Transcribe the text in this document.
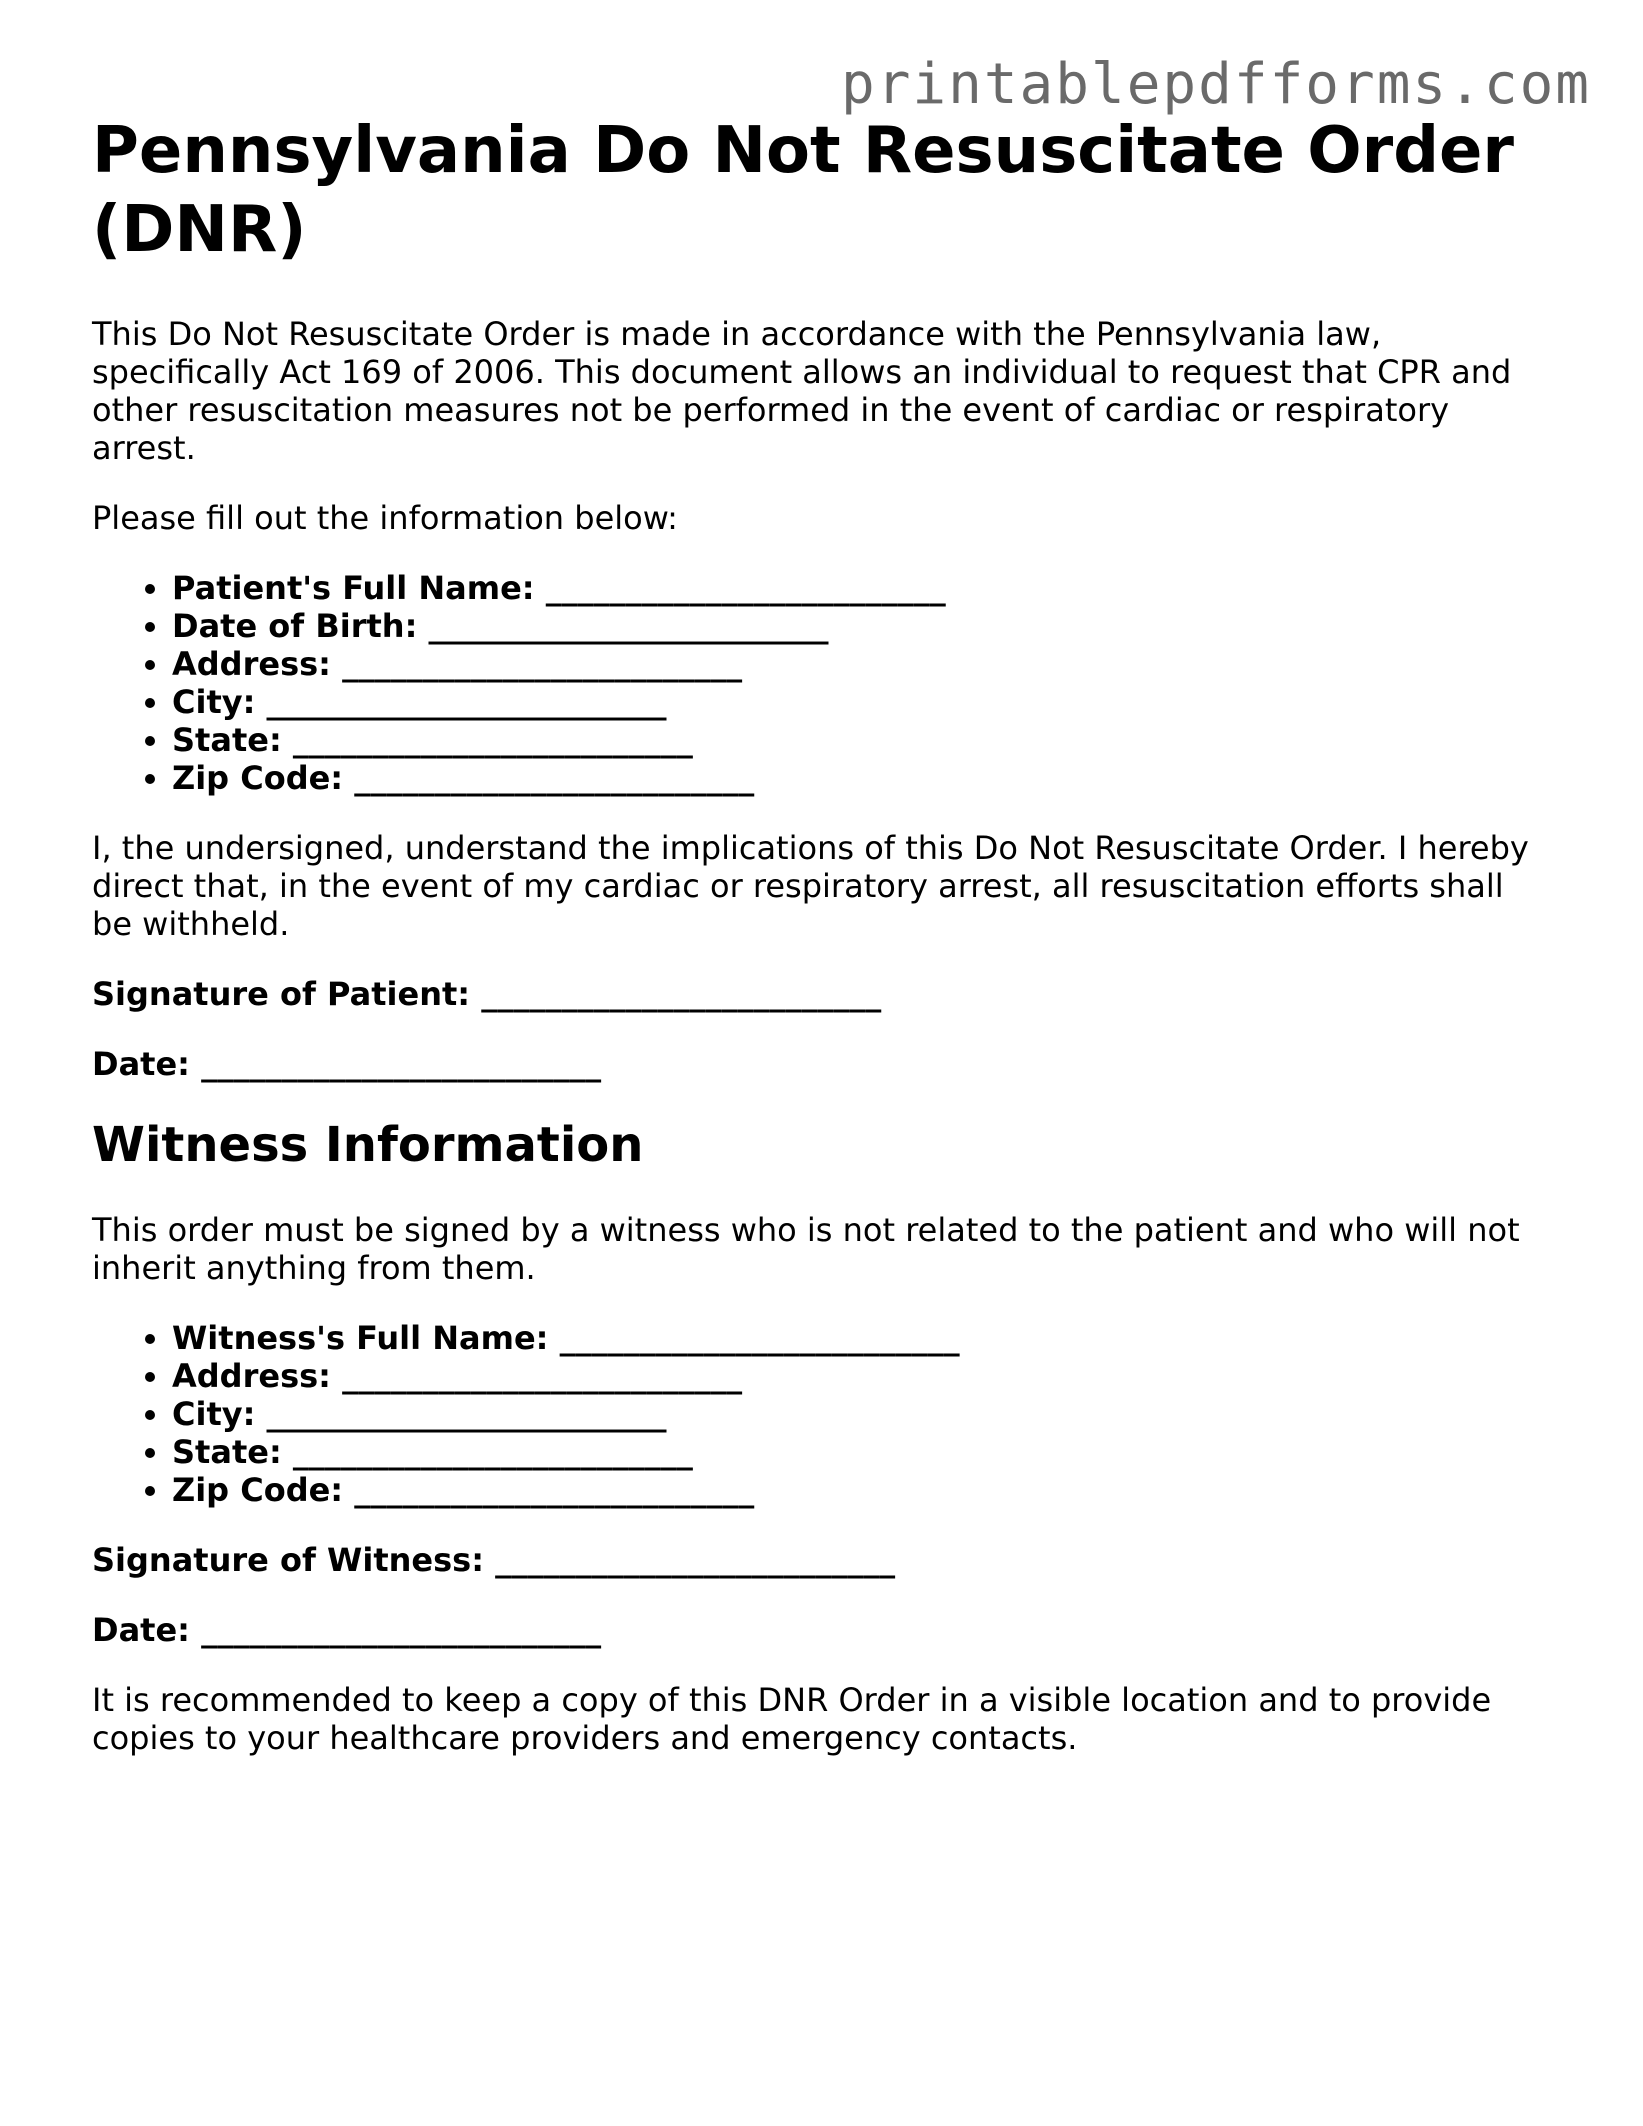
printablepdfforms.com
Pennsylvania Do Not Resuscitate Order (DNR)

This Do Not Resuscitate Order is made in accordance with the Pennsylvania law, specifically Act 169 of 2006. This document allows an individual to request that CPR and other resuscitation measures not be performed in the event of cardiac or respiratory arrest.

Please fill out the information below:

• Patient's Full Name: _________________________
• Date of Birth: _________________________
• Address: _________________________
• City: _________________________
• State: _________________________
• Zip Code: _________________________

I, the undersigned, understand the implications of this Do Not Resuscitate Order. I hereby direct that, in the event of my cardiac or respiratory arrest, all resuscitation efforts shall be withheld.

Signature of Patient: _________________________

Date: _________________________

Witness Information

This order must be signed by a witness who is not related to the patient and who will not inherit anything from them.

• Witness's Full Name: _________________________
• Address: _________________________
• City: _________________________
• State: _________________________
• Zip Code: _________________________

Signature of Witness: _________________________

Date: _________________________

It is recommended to keep a copy of this DNR Order in a visible location and to provide copies to your healthcare providers and emergency contacts.
